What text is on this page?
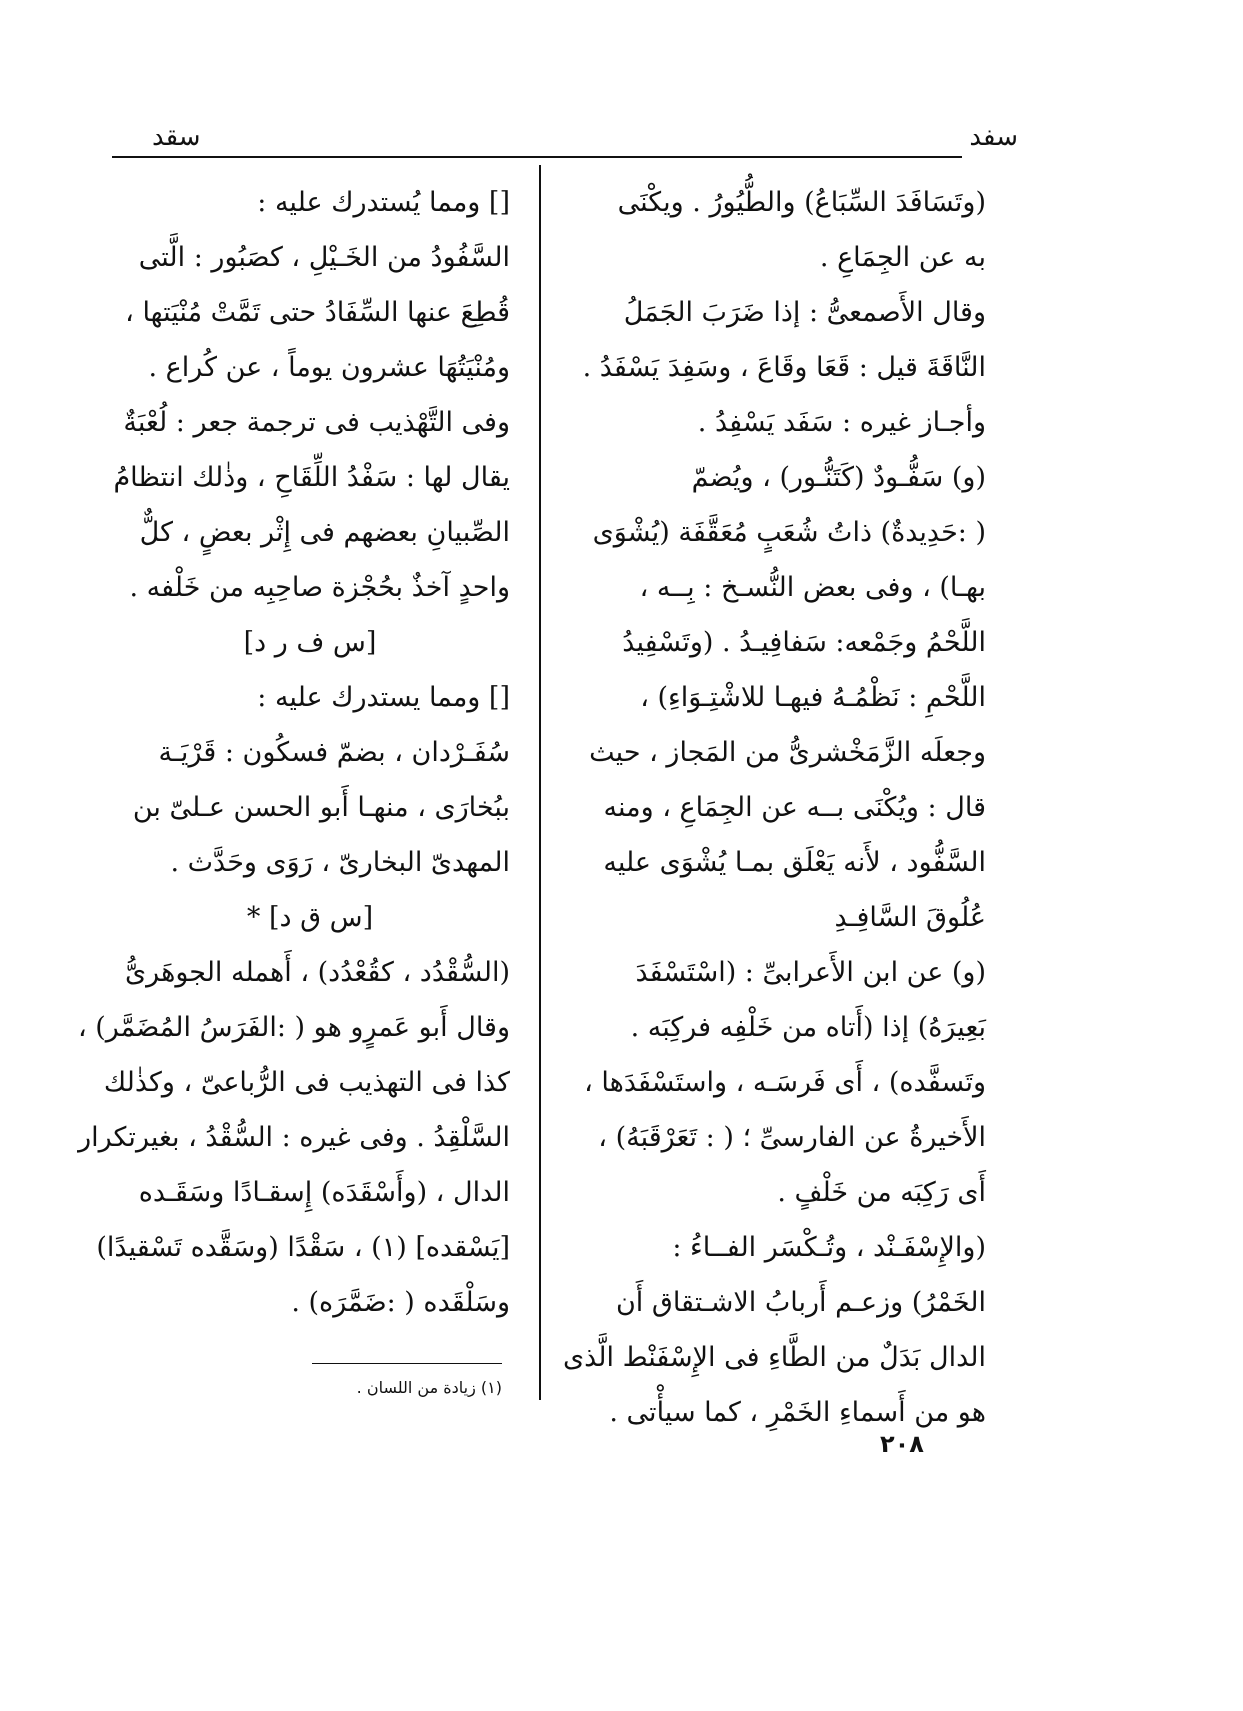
سفد
سقد
(وتَسَافَدَ السِّبَاعُ) والطُّيُورُ . ويكْنَى
به عن الجِمَاعِ .
وقال الأَصمعىُّ : إذا ضَرَبَ الجَمَلُ
النَّاقَةَ قيل : قَعَا وقَاعَ ، وسَفِدَ يَسْفَدُ .
وأجـاز غيره : سَفَد يَسْفِدُ .
(و) سَفُّـودٌ (كَتَنُّـور) ، ويُضمّ
( :حَدِيدةٌ) ذاتُ شُعَبٍ مُعَقَّفَة (يُشْوَى
بهـا) ، وفى بعض النُّسـخ : بِــه ،
اللَّحْمُ وجَمْعه: سَفافِيـدُ . (وتَسْفِيدُ
اللَّحْمِ : نَظْمُـهُ فيهـا للاشْتِـوَاءِ) ،
وجعلَه الزَّمَخْشرىُّ من المَجاز ، حيث
قال : ويُكْنَى بــه عن الجِمَاعِ ، ومنه
السَّفُّود ، لأَنه يَعْلَق بمـا يُشْوَى عليه
عُلُوقَ السَّافِـدِ
(و) عن ابن الأَعرابىِّ : (اسْتَسْفَدَ
بَعِيرَهُ) إذا (أَتاه من خَلْفِه فركِبَه .
وتَسفَّده) ، أَى فَرسَـه ، واستَسْفَدَها ،
الأَخيرةُ عن الفارسىِّ ؛ ( : تَعَرْقَبَهُ) ،
أَى رَكِبَه من خَلْفٍ .
(والإِسْفَـنْد ، وتُـكْسَر الفــاءُ :
الخَمْرُ) وزعـم أَربابُ الاشـتقاق أَن
الدال بَدَلٌ من الطَّاءِ فى الإِسْفَنْط الَّذى
هو من أَسماءِ الخَمْرِ ، كما سيأْتى .
[] ومما يُستدرك عليه :
السَّفُودُ من الخَـيْلِ ، كصَبُور : الَّتى
قُطِعَ عنها السِّفَادُ حتى تَمَّتْ مُنْيَتها ،
ومُنْيَتُهَا عشرون يوماً ، عن كُراع .
وفى التَّهْذيب فى ترجمة جعر : لُعْبَةٌ
يقال لها : سَفْدُ اللِّقَاحِ ، وذٰلك انتظامُ
الصِّبيانِ بعضهم فى إِثْر بعضٍ ، كلٌّ
واحدٍ آخذٌ بحُجْزة صاحِبِه من خَلْفه .
[س ف ر د]
[] ومما يستدرك عليه :
سُفَـرْدان ، بضمّ فسكُون : قَرْيَـة
ببُخارَى ، منهـا أَبو الحسن عـلىّ بن
المهدىّ البخارىّ ، رَوَى وحَدَّث .
[س ق د] *
(السُّقْدُد ، كقُعْدُد) ، أَهمله الجوهَرىُّ
وقال أَبو عَمرٍو هو ( :الفَرَسُ المُضَمَّر) ،
كذا فى التهذيب فى الرُّباعىّ ، وكذٰلك
السَّلْقِدُ . وفى غيره : السُّقْدُ ، بغيرتكرار
الدال ، (وأَسْقَدَه) إِسقـادًا وسَقَـده
[يَسْقده] (١) ، سَقْدًا (وسَقَّده تَسْقيدًا)
وسَلْقَده ( :ضَمَّرَه) .
(١) زيادة من اللسان .
٢٠٨
